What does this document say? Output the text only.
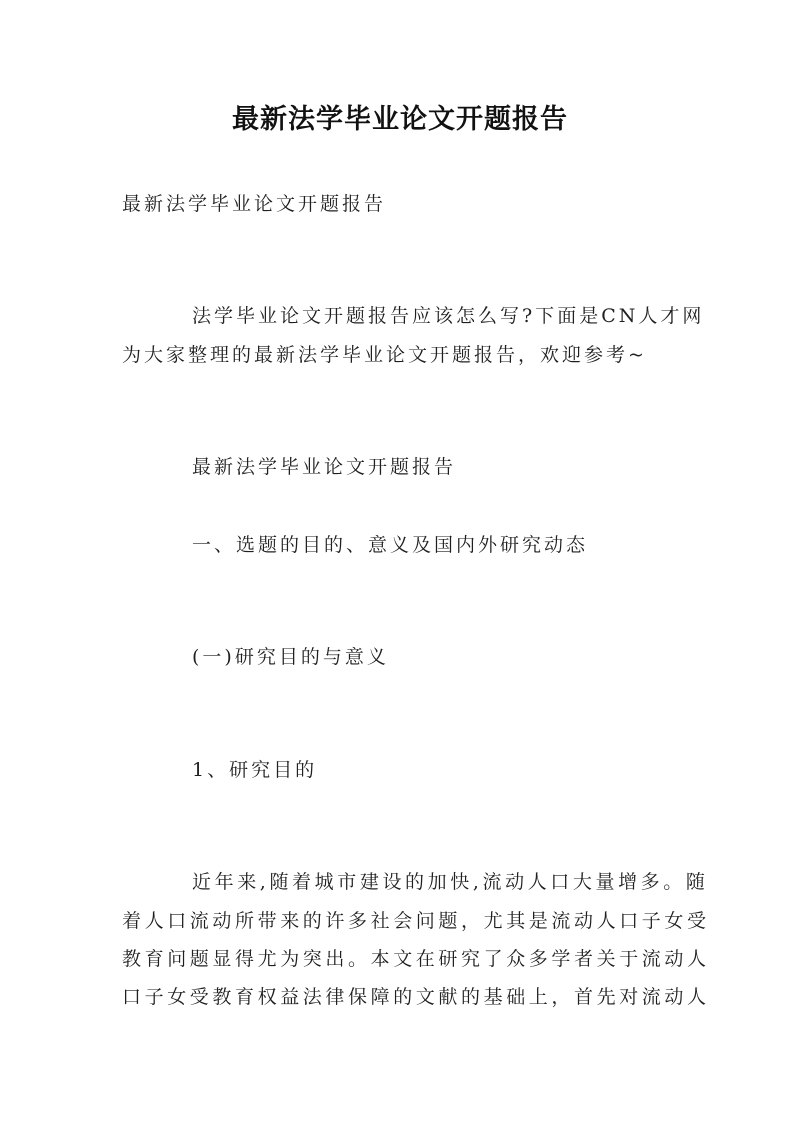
最新法学毕业论文开题报告
最新法学毕业论文开题报告
法学毕业论文开题报告应该怎么写?下面是CN人才网
为大家整理的最新法学毕业论文开题报告，欢迎参考~
最新法学毕业论文开题报告
一、选题的目的、意义及国内外研究动态
(一)研究目的与意义
1、研究目的
近年来,随着城市建设的加快,流动人口大量增多。随
着人口流动所带来的许多社会问题，尤其是流动人口子女受
教育问题显得尤为突出。本文在研究了众多学者关于流动人
口子女受教育权益法律保障的文献的基础上，首先对流动人
